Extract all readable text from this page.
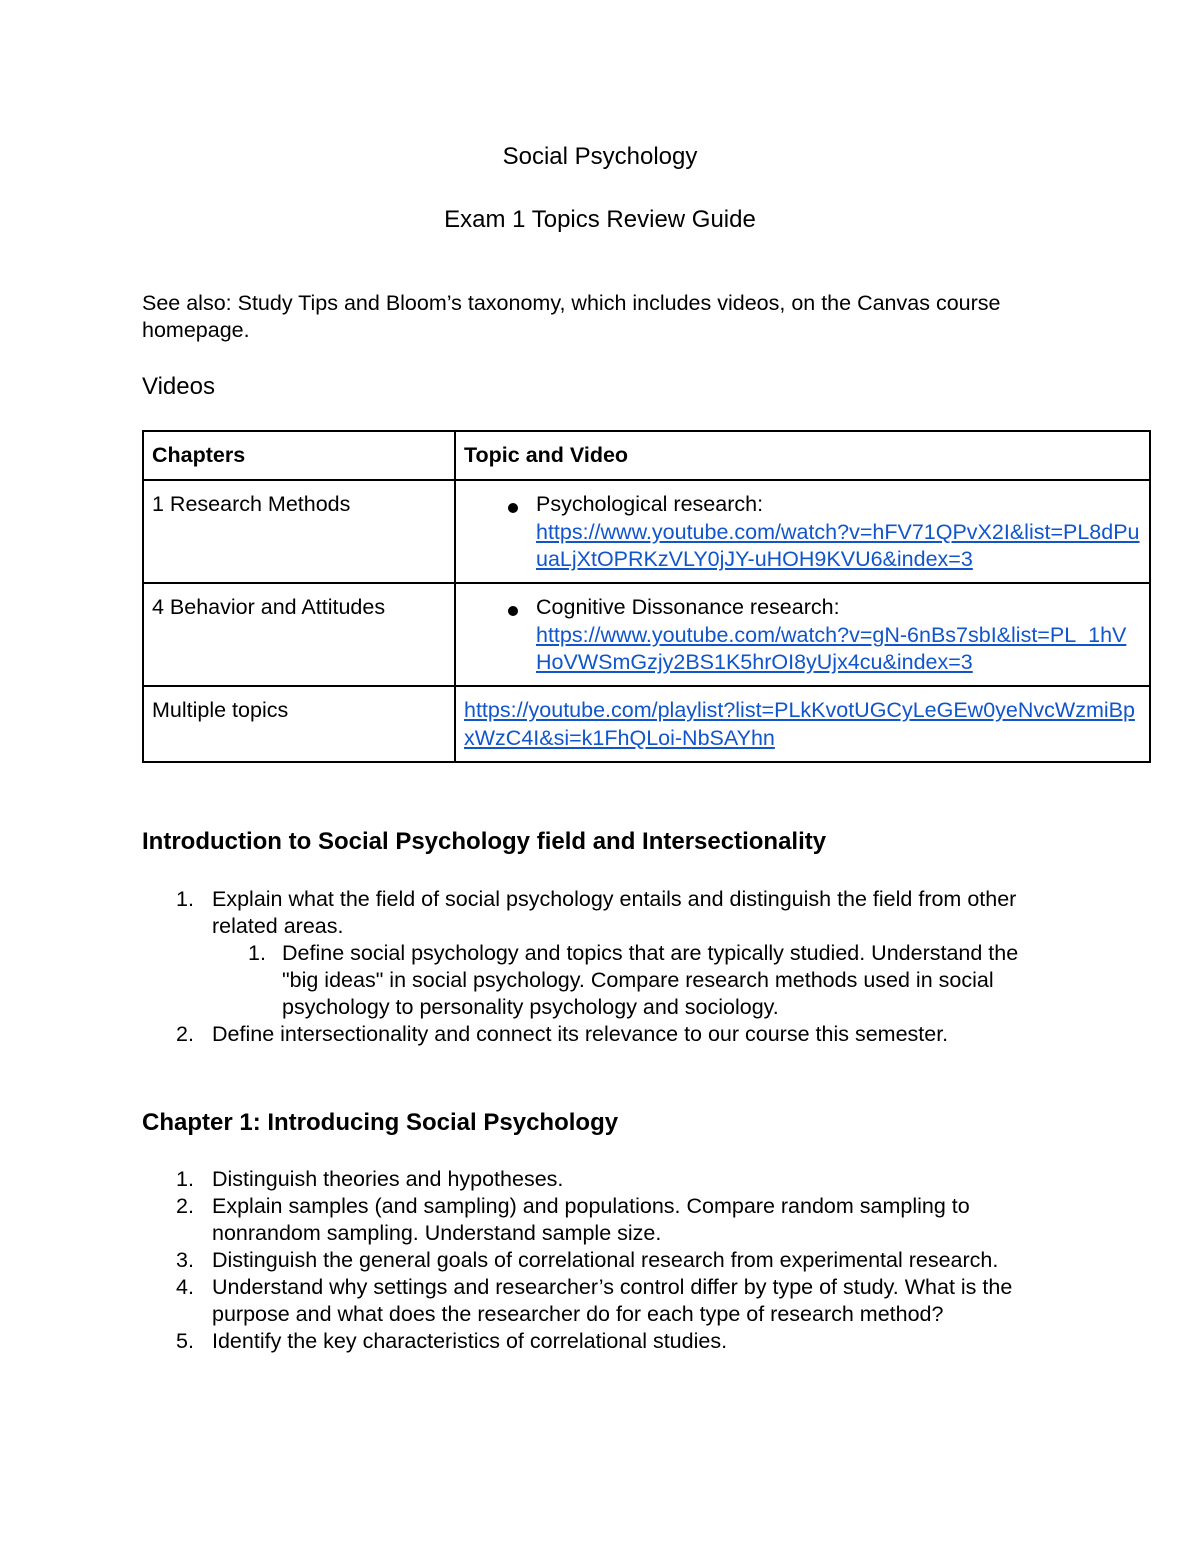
Social Psychology
Exam 1 Topics Review Guide
See also: Study Tips and Bloom’s taxonomy, which includes videos, on the Canvas course homepage.
Videos
Chapters	Topic and Video
1 Research Methods	Psychological research:
https://www.youtube.com/watch?v=hFV71QPvX2I&list=PL8dPuuaLjXtOPRKzVLY0jJY-uHOH9KVU6&index=3

4 Behavior and Attitudes	Cognitive Dissonance research:
https://www.youtube.com/watch?v=gN-6nBs7sbI&list=PL_1hVHoVWSmGzjy2BS1K5hrOI8yUjx4cu&index=3

Multiple topics	https://youtube.com/playlist?list=PLkKvotUGCyLeGEw0yeNvcWzmiBpxWzC4I&si=k1FhQLoi-NbSAYhn
Introduction to Social Psychology field and Intersectionality
1. Explain what the field of social psychology entails and distinguish the field from other related areas.
1. Define social psychology and topics that are typically studied. Understand the "big ideas" in social psychology. Compare research methods used in social psychology to personality psychology and sociology.
2. Define intersectionality and connect its relevance to our course this semester.
Chapter 1: Introducing Social Psychology
1. Distinguish theories and hypotheses.
2. Explain samples (and sampling) and populations. Compare random sampling to nonrandom sampling. Understand sample size.
3. Distinguish the general goals of correlational research from experimental research.
4. Understand why settings and researcher’s control differ by type of study. What is the purpose and what does the researcher do for each type of research method?
5. Identify the key characteristics of correlational studies.
